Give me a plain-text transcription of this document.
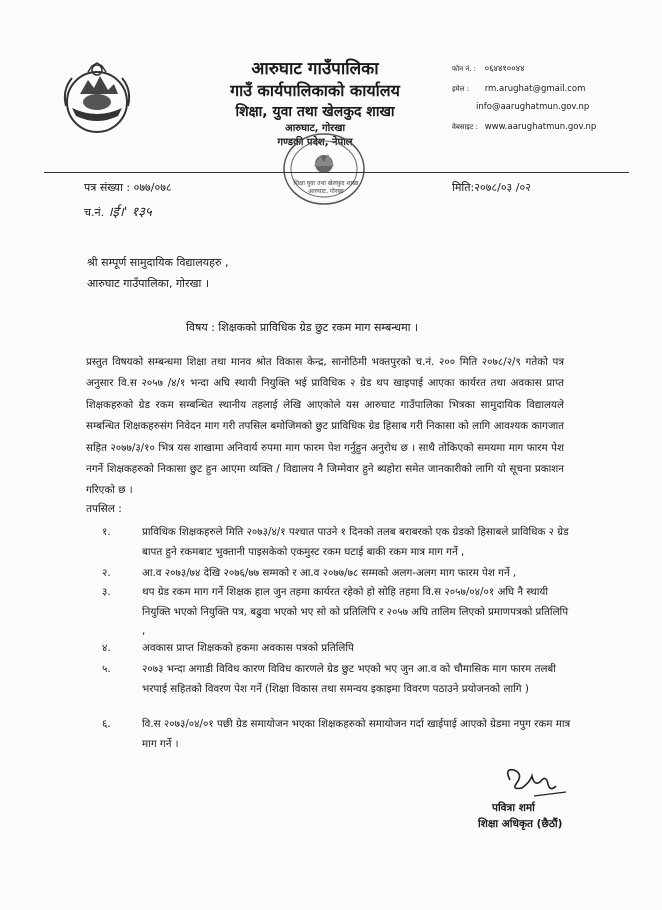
आरुघाट गाउँपालिका
गाउँ कार्यपालिकाको कार्यालय
शिक्षा, युवा तथा खेलकुद शाखा
आरुघाट, गोरखा
गण्डकी प्रदेश, नेपाल
फोन नं. : ०६४४१००४४
इमेल : rm.arughat@gmail.com
info@aarughatmun.gov.np
वेबसाइट : www.aarughatmun.gov.np
शिक्षा युवा तथा खेलकुद शाखा
आरुघाट, गोरखा
पत्र संख्या : ०७७/०७८
च.नं. ।ई।' १३५
मिति:२०७८/०३ /०२
श्री सम्पूर्ण सामुदायिक विद्यालयहरु ,
आरुघाट गाउँपालिका, गोरखा ।
विषय : शिक्षकको प्राविधिक ग्रेड छुट रकम माग सम्बन्धमा ।
प्रस्तुत विषयको सम्बन्धमा शिक्षा तथा मानव श्रोत विकास केन्द्र, सानोठिमी भक्तपुरको च.नं. २०० मिति २०७८/२/९ गतेको पत्र अनुसार वि.स २०५७ /४/१ भन्दा अघि स्थायी नियुक्ति भई प्राविधिक २ ग्रेड थप खाइपाई आएका कार्यरत तथा अवकास प्राप्त शिक्षकहरुको ग्रेड रकम सम्बन्धित स्थानीय तहलाई लेखि आएकोले यस आरुघाट गाउँपालिका भित्रका सामुदायिक विद्यालयले सम्बन्धित शिक्षकहरुसंग निवेदन माग गरी तपसिल बमोजिमको छुट प्राविधिक ग्रेड हिसाब गरी निकासा को लागि आवश्यक कागजात सहित २०७७/३/१० भित्र यस शाखामा अनिवार्य रुपमा माग फारम पेश गर्नुहुन अनुरोध छ । साथै तोकिएको समयमा माग फारम पेश नगर्ने शिक्षकहरुको निकासा छुट हुन आएमा व्यक्ति / विद्यालय नै जिम्मेवार हुने ब्यहोरा समेत जानकारीको लागि यो सूचना प्रकाशन गरिएको छ ।
तपसिल :
१.	प्राविधिक शिक्षकहरुले मिति २०७३/४/१ पश्चात पाउने १ दिनको तलब बराबरको एक ग्रेडको हिसाबले प्राविधिक २ ग्रेड बापत हुने रकमबाट भुक्तानी पाइसकेको एकमुस्ट रकम घटाई बाकी रकम मात्र माग गर्ने ,
२.	आ.व २०७३/७४ देखि २०७६/७७ सम्मको र आ.व २०७७/७८ सम्मको अलग-अलग माग फारम पेश गर्ने ,
३.	थप ग्रेड रकम माग गर्ने शिक्षक हाल जुन तहमा कार्यरत रहेको हो सोहि तहमा वि.स २०५७/०४/०१ अघि नै स्थायी नियुक्ति भएको नियुक्ति पत्र, बढुवा भएको भए सो को प्रतिलिपि र २०५७ अघि तालिम लिएको प्रमाणपत्रको प्रतिलिपि ,
४.	अवकास प्राप्त शिक्षकको हकमा अवकास पत्रको प्रतिलिपि
५.	२०७३ भन्दा अगाडी विविध कारण विविध कारणले ग्रेड छुट भएको भए जुन आ.व को चौमासिक माग फारम तलबी भरपाई सहितको विवरण पेश गर्ने (शिक्षा विकास तथा समन्वय इकाइमा विवरण पठाउने प्रयोजनको लागि )
६.	वि.स २०७३/०४/०१ पछी ग्रेड समायोजन भएका शिक्षकहरुको समायोजन गर्दा खाईपाई आएको ग्रेडमा नपुग रकम मात्र माग गर्ने ।
पवित्रा शर्मा
शिक्षा अधिकृत (छैठौं)
